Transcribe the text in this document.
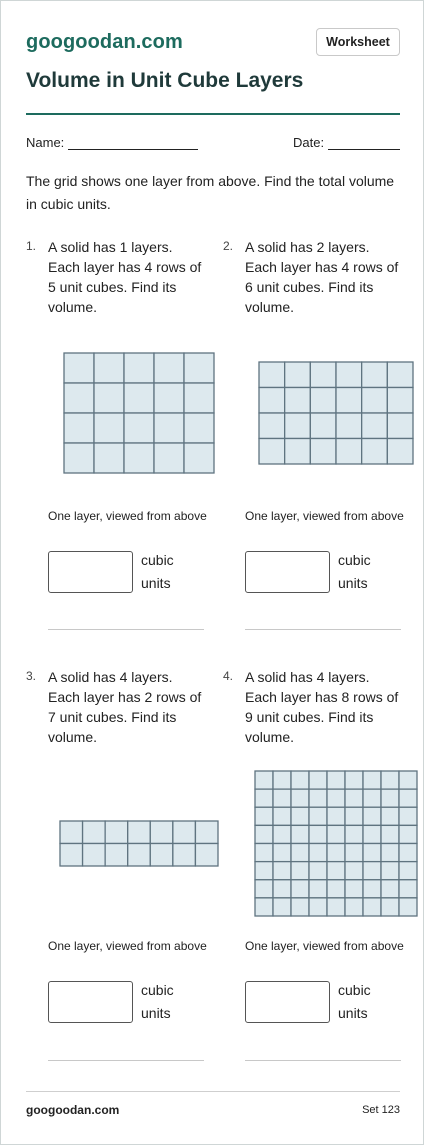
googoodan.com	Worksheet
Volume in Unit Cube Layers
Name:	Date:
The grid shows one layer from above. Find the total volume in cubic units.
1. A solid has 1 layers. Each layer has 4 rows of 5 unit cubes. Find its volume.
One layer, viewed from above
cubic
units
2. A solid has 2 layers. Each layer has 4 rows of 6 unit cubes. Find its volume.
One layer, viewed from above
cubic
units
3. A solid has 4 layers. Each layer has 2 rows of 7 unit cubes. Find its volume.
One layer, viewed from above
cubic
units
4. A solid has 4 layers. Each layer has 8 rows of 9 unit cubes. Find its volume.
One layer, viewed from above
cubic
units
googoodan.com	Set 123
